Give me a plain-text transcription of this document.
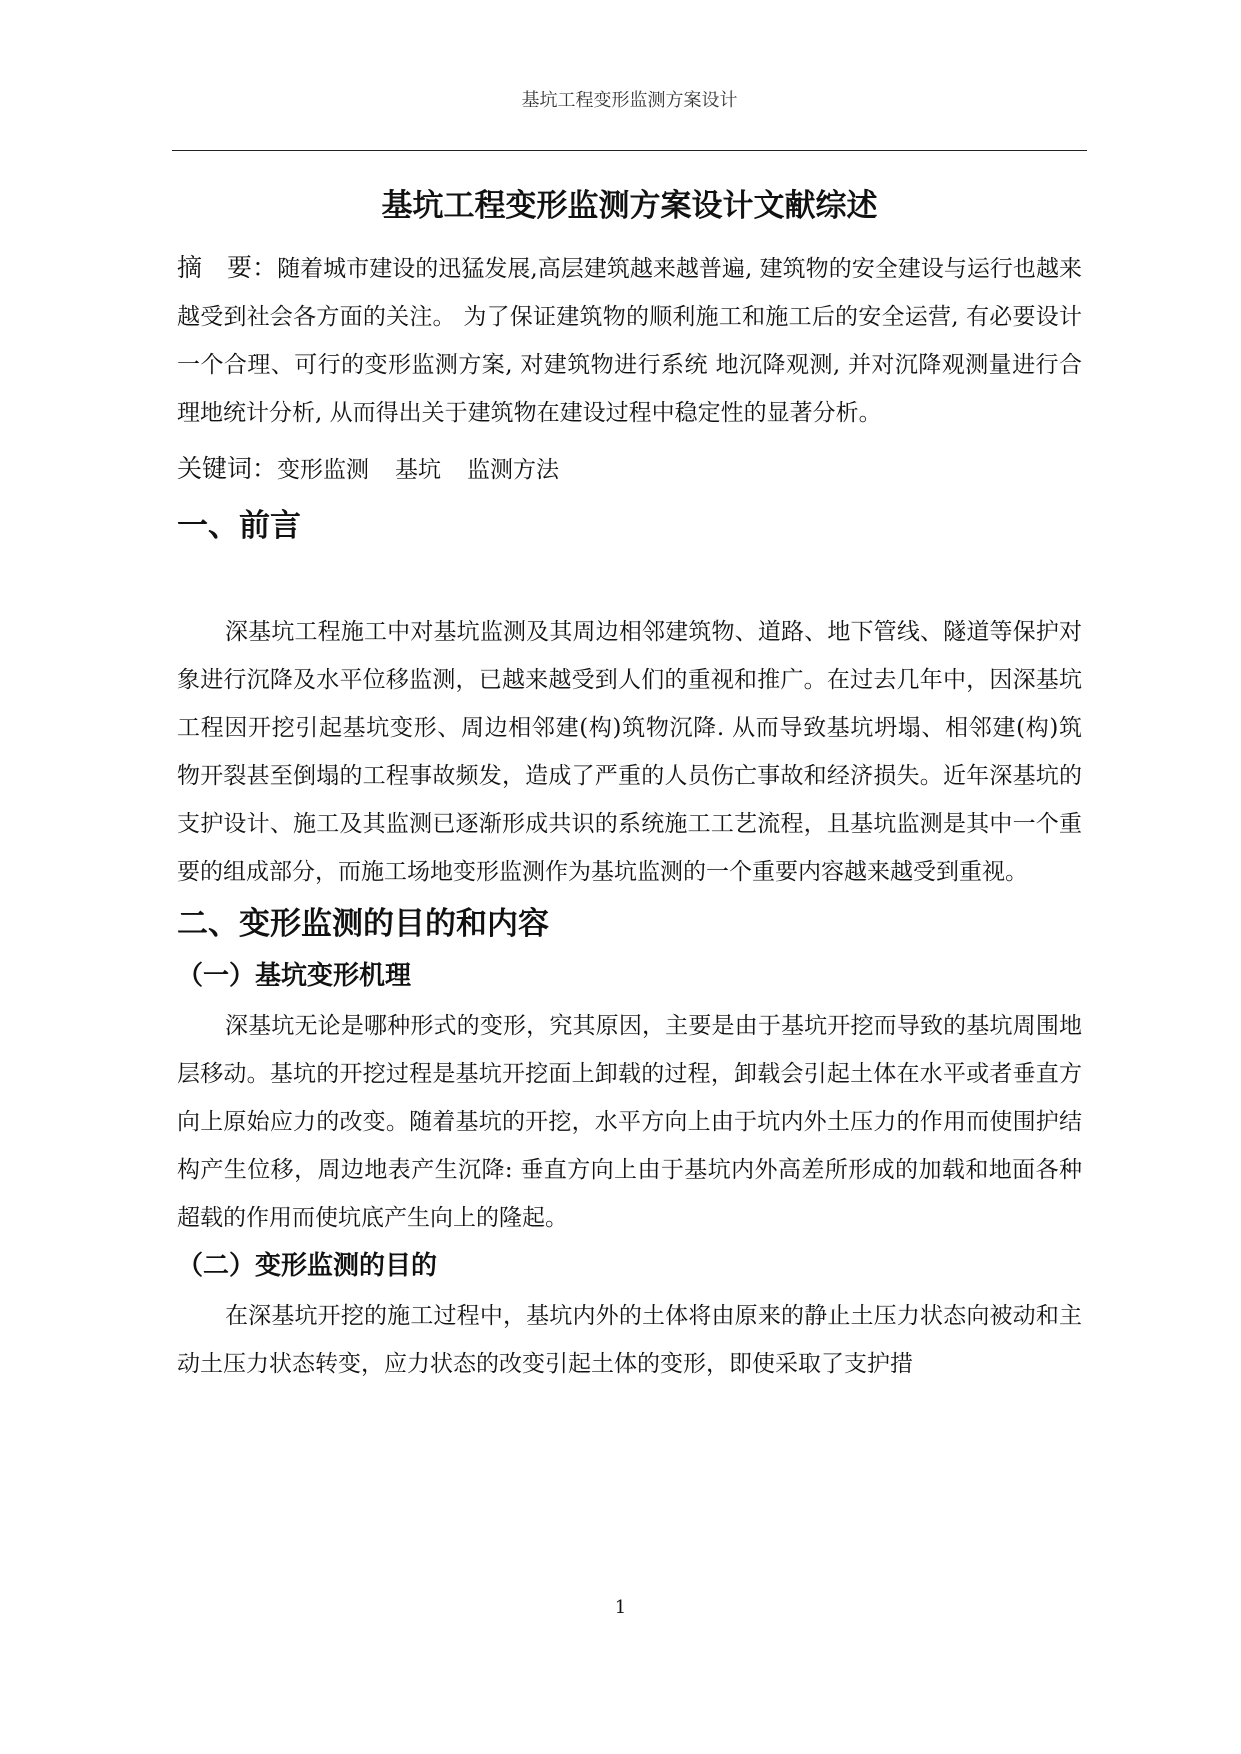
基坑工程变形监测方案设计
基坑工程变形监测方案设计文献综述

摘　要：随着城市建设的迅猛发展,高层建筑越来越普遍, 建筑物的安全建设与运行也越来越受到社会各方面的关注。 为了保证建筑物的顺利施工和施工后的安全运营, 有必要设计一个合理、可行的变形监测方案, 对建筑物进行系统 地沉降观测, 并对沉降观测量进行合理地统计分析, 从而得出关于建筑物在建设过程中稳定性的显著分析。

关键词：变形监测 基坑 监测方法

一、前言

深基坑工程施工中对基坑监测及其周边相邻建筑物、道路、地下管线、隧道等保护对象进行沉降及水平位移监测，已越来越受到人们的重视和推广。在过去几年中，因深基坑工程因开挖引起基坑变形、周边相邻建(构)筑物沉降. 从而导致基坑坍塌、相邻建(构)筑 物开裂甚至倒塌的工程事故频发，造成了严重的人员伤亡事故和经济损失。近年深基坑的支护设计、施工及其监测已逐渐形成共识的系统施工工艺流程，且基坑监测是其中一个重要的组成部分，而施工场地变形监测作为基坑监测的一个重要内容越来越受到重视。

二、变形监测的目的和内容
（一）基坑变形机理

深基坑无论是哪种形式的变形，究其原因，主要是由于基坑开挖而导致的基坑周围地层移动。基坑的开挖过程是基坑开挖面上卸载的过程，卸载会引起土体在水平或者垂直方向上原始应力的改变。随着基坑的开挖，水平方向上由于坑内外土压力的作用而使围护结构产生位移，周边地表产生沉降: 垂直方向上由于基坑内外高差所形成的加载和地面各种超载的作用而使坑底产生向上的隆起。

（二）变形监测的目的

在深基坑开挖的施工过程中，基坑内外的土体将由原来的静止土压力状态向被动和主动土压力状态转变，应力状态的改变引起土体的变形，即使采取了支护措

1
